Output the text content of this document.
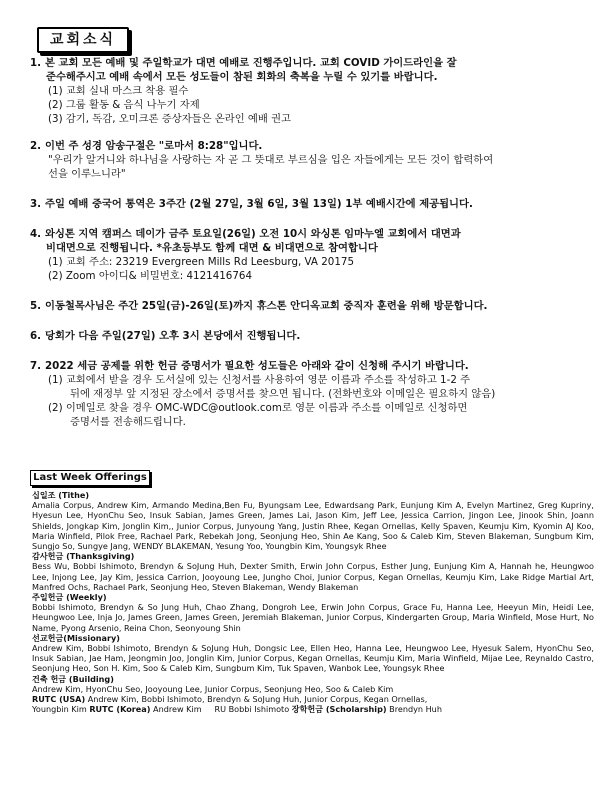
교회소식
1. 본 교회 모든 예배 및 주일학교가 대면 예배로 진행주입니다. 교회 COVID 가이드라인을 잘
준수해주시고 예배 속에서 모든 성도들이 참된 회화의 축복을 누릴 수 있기를 바랍니다.
(1) 교회 실내 마스크 착용 필수
(2) 그룹 활동 & 음식 나누기 자제
(3) 감기, 독감, 오미크론 증상자들은 온라인 예배 권고
2. 이번 주 성경 암송구절은 "로마서 8:28"입니다.
"우리가 알거니와 하나님을 사랑하는 자 곧 그 뜻대로 부르심을 입은 자들에게는 모든 것이 합력하여
선을 이루느니라"
3. 주일 예배 중국어 통역은 3주간 (2월 27일, 3월 6일, 3월 13일) 1부 예배시간에 제공됩니다.
4. 와싱톤 지역 캠퍼스 데이가 금주 토요일(26일) 오전 10시 와싱톤 임마누엘 교회에서 대면과
비대면으로 진행됩니다. *유초등부도 함께 대면 & 비대면으로 참여합니다
(1) 교회 주소: 23219 Evergreen Mills Rd Leesburg, VA 20175
(2) Zoom 아이디& 비밀번호: 4121416764
5. 이동철목사님은 주간 25일(금)-26일(토)까지 휴스톤 안디옥교회 중직자 훈련을 위해 방문합니다.
6. 당회가 다음 주일(27일) 오후 3시 본당에서 진행됩니다.
7. 2022 세금 공제를 위한 헌금 증명서가 필요한 성도들은 아래와 같이 신청해 주시기 바랍니다.
(1) 교회에서 받을 경우 도서실에 있는 신청서를 사용하여 영문 이름과 주소를 작성하고 1-2 주
뒤에 재정부 앞 지정된 장소에서 증명서를 찾으면 됩니다. (전화번호와 이메일은 필요하지 않음)
(2) 이메일로 찾을 경우 OMC-WDC@outlook.com로 영문 이름과 주소를 이메일로 신청하면
증명서를 전송해드립니다.
Last Week Offerings
십일조 (Tithe)
Amalia Corpus, Andrew Kim, Armando Medina,Ben Fu, Byungsam Lee, Edwardsang Park, Eunjung Kim A, Evelyn Martinez, Greg Kupriny, Hyesun Lee, HyonChu Seo, Insuk Sabian, James Green, James Lai, Jason Kim, Jeff Lee, Jessica Carrion, Jingon Lee, Jinook Shin, Joann Shields, Jongkap Kim, Jonglin Kim,, Junior Corpus, Junyoung Yang, Justin Rhee, Kegan Ornellas, Kelly Spaven, Keumju Kim, Kyomin AJ Koo, Maria Winfield, Pilok Free, Rachael Park, Rebekah Jong, Seonjung Heo, Shin Ae Kang, Soo & Caleb Kim, Steven Blakeman, Sungbum Kim, Sungjo So, Sungye Jang, WENDY BLAKEMAN, Yesung Yoo, Youngbin Kim, Youngsyk Rhee
감사헌금 (Thanksgiving)
Bess Wu, Bobbi Ishimoto, Brendyn & SoJung Huh, Dexter Smith, Erwin John Corpus, Esther Jung, Eunjung Kim A, Hannah he, Heungwoo Lee, Injong Lee, Jay Kim, Jessica Carrion, Jooyoung Lee, Jungho Choi, Junior Corpus, Kegan Ornellas, Keumju Kim, Lake Ridge Martial Art, Manfred Ochs, Rachael Park, Seonjung Heo, Steven Blakeman, Wendy Blakeman
주일헌금 (Weekly)
Bobbi Ishimoto, Brendyn & So Jung Huh, Chao Zhang, Dongroh Lee, Erwin John Corpus, Grace Fu, Hanna Lee, Heeyun Min, Heidi Lee, Heungwoo Lee, Inja Jo, James Green, James Green, Jeremiah Blakeman, Junior Corpus, Kindergarten Group, Maria Winfield, Mose Hurt, No Name, Pyong Arsenio, Reina Chon, Seonyoung Shin
선교헌금(Missionary)
Andrew Kim, Bobbi Ishimoto, Brendyn & SoJung Huh, Dongsic Lee, Ellen Heo, Hanna Lee, Heungwoo Lee, Hyesuk Salem, HyonChu Seo, Insuk Sabian, Jae Ham, Jeongmin Joo, Jonglin Kim, Junior Corpus, Kegan Ornellas, Keumju Kim, Maria Winfield, Mijae Lee, Reynaldo Castro, Seonjung Heo, Son H. Kim, Soo & Caleb Kim, Sungbum Kim, Tuk Spaven, Wanbok Lee, Youngsyk Rhee
건축 헌금 (Building)
Andrew Kim, HyonChu Seo, Jooyoung Lee, Junior Corpus, Seonjung Heo, Soo & Caleb Kim
RUTC (USA) Andrew Kim, Bobbi Ishimoto, Brendyn & SoJung Huh, Junior Corpus, Kegan Ornellas,
Youngbin Kim RUTC (Korea) Andrew Kim RU Bobbi Ishimoto 장학헌금 (Scholarship) Brendyn Huh
